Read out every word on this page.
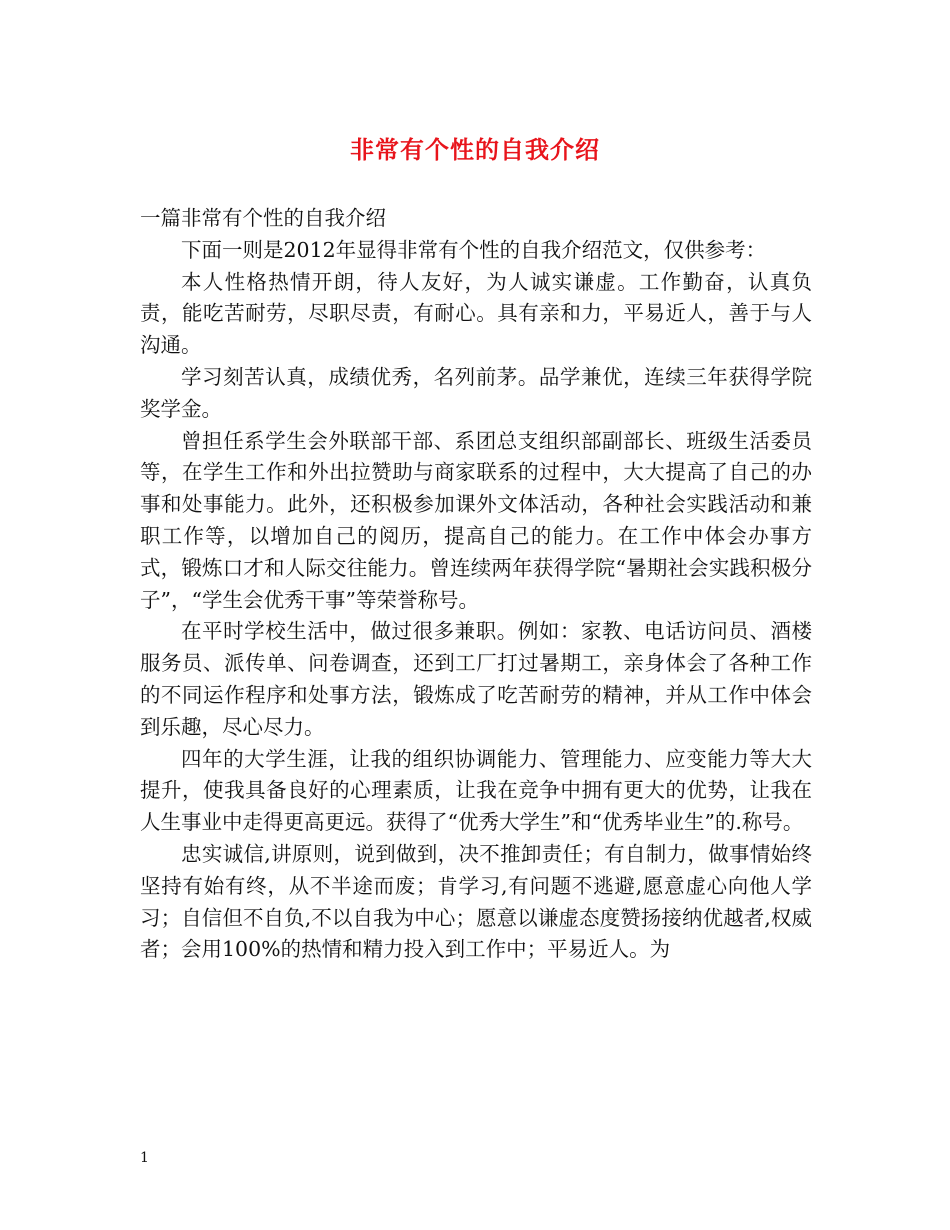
非常有个性的自我介绍

一篇非常有个性的自我介绍

下面一则是2012年显得非常有个性的自我介绍范文，仅供参考：

本人性格热情开朗，待人友好，为人诚实谦虚。工作勤奋，认真负责，能吃苦耐劳，尽职尽责，有耐心。具有亲和力，平易近人，善于与人沟通。

学习刻苦认真，成绩优秀，名列前茅。品学兼优，连续三年获得学院奖学金。

曾担任系学生会外联部干部、系团总支组织部副部长、班级生活委员等，在学生工作和外出拉赞助与商家联系的过程中，大大提高了自己的办事和处事能力。此外，还积极参加课外文体活动，各种社会实践活动和兼职工作等，以增加自己的阅历，提高自己的能力。在工作中体会办事方式，锻炼口才和人际交往能力。曾连续两年获得学院“暑期社会实践积极分子”，“学生会优秀干事”等荣誉称号。

在平时学校生活中，做过很多兼职。例如：家教、电话访问员、酒楼服务员、派传单、问卷调查，还到工厂打过暑期工，亲身体会了各种工作的不同运作程序和处事方法，锻炼成了吃苦耐劳的精神，并从工作中体会到乐趣，尽心尽力。

四年的大学生涯，让我的组织协调能力、管理能力、应变能力等大大提升，使我具备良好的心理素质，让我在竞争中拥有更大的优势，让我在人生事业中走得更高更远。获得了“优秀大学生”和“优秀毕业生”的.称号。

忠实诚信,讲原则，说到做到，决不推卸责任；有自制力，做事情始终坚持有始有终，从不半途而废；肯学习,有问题不逃避,愿意虚心向他人学习；自信但不自负,不以自我为中心；愿意以谦虚态度赞扬接纳优越者,权威者；会用100%的热情和精力投入到工作中；平易近人。为

1
